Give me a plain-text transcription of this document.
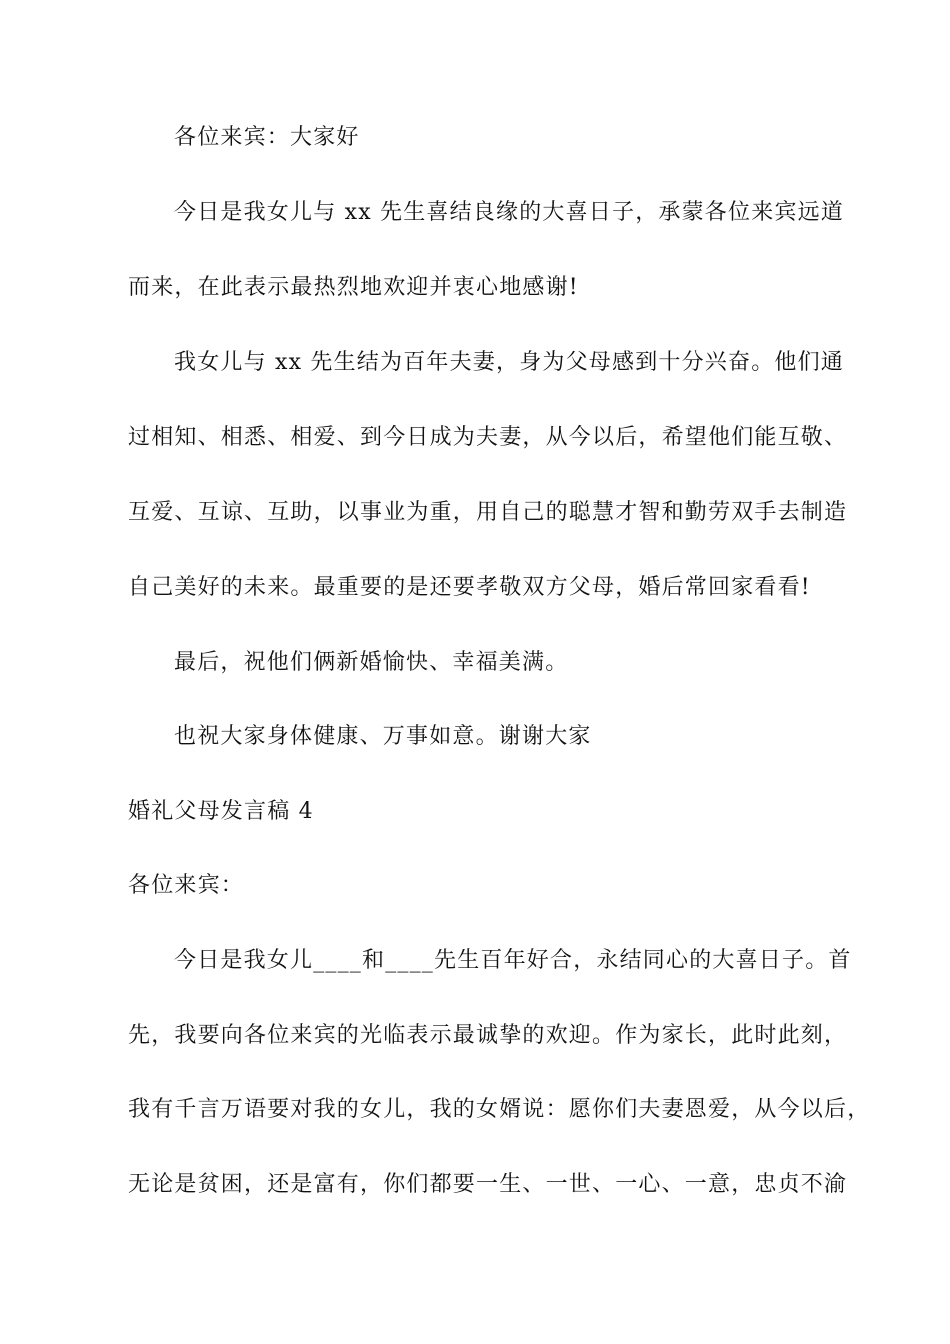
各位来宾：大家好
今日是我女儿与 xx 先生喜结良缘的大喜日子，承蒙各位来宾远道
而来，在此表示最热烈地欢迎并衷心地感谢!
我女儿与 xx 先生结为百年夫妻，身为父母感到十分兴奋。他们通
过相知、相悉、相爱、到今日成为夫妻，从今以后，希望他们能互敬、
互爱、互谅、互助，以事业为重，用自己的聪慧才智和勤劳双手去制造
自己美好的未来。最重要的是还要孝敬双方父母，婚后常回家看看!
最后，祝他们俩新婚愉快、幸福美满。
也祝大家身体健康、万事如意。谢谢大家
婚礼父母发言稿 4
各位来宾：
今日是我女儿____和____先生百年好合，永结同心的大喜日子。首
先，我要向各位来宾的光临表示最诚挚的欢迎。作为家长，此时此刻，
我有千言万语要对我的女儿，我的女婿说：愿你们夫妻恩爱，从今以后，
无论是贫困，还是富有，你们都要一生、一世、一心、一意，忠贞不渝
